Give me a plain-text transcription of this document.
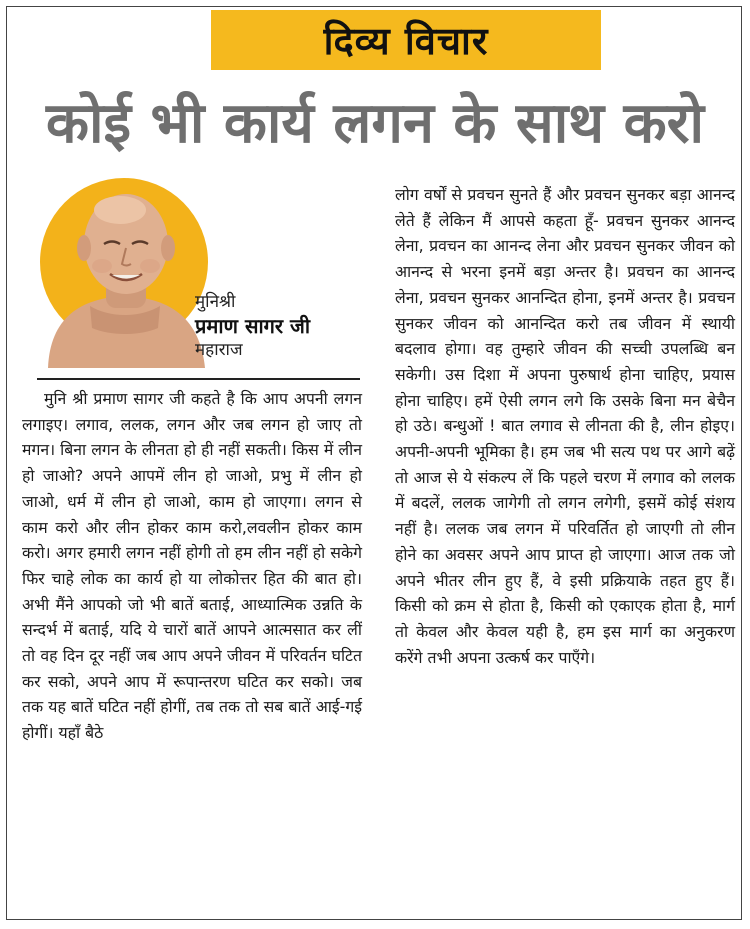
दिव्य विचार
कोई भी कार्य लगन के साथ करो
मुनिश्री
प्रमाण सागर जी
महाराज

मुनि श्री प्रमाण सागर जी कहते है कि आप अपनी लगन लगाइए। लगाव, ललक, लगन और जब लगन हो जाए तो मगन। बिना लगन के लीनता हो ही नहीं सकती। किस में लीन हो जाओ? अपने आपमें लीन हो जाओ, प्रभु में लीन हो जाओ, धर्म में लीन हो जाओ, काम हो जाएगा। लगन से काम करो और लीन होकर काम करो,लवलीन होकर काम करो। अगर हमारी लगन नहीं होगी तो हम लीन नहीं हो सकेगे फिर चाहे लोक का कार्य हो या लोकोत्तर हित की बात हो। अभी मैंने आपको जो भी बातें बताई, आध्यात्मिक उन्नति के सन्दर्भ में बताई, यदि ये चारों बातें आपने आत्मसात कर लीं तो वह दिन दूर नहीं जब आप अपने जीवन में परिवर्तन घटित कर सको, अपने आप में रूपान्तरण घटित कर सको। जब तक यह बातें घटित नहीं होगीं, तब तक तो सब बातें आई-गई होगीं। यहाँ बैठे

लोग वर्षों से प्रवचन सुनते हैं और प्रवचन सुनकर बड़ा आनन्द लेते हैं लेकिन मैं आपसे कहता हूँ- प्रवचन सुनकर आनन्द लेना, प्रवचन का आनन्द लेना और प्रवचन सुनकर जीवन को आनन्द से भरना इनमें बड़ा अन्तर है। प्रवचन का आनन्द लेना, प्रवचन सुनकर आनन्दित होना, इनमें अन्तर है। प्रवचन सुनकर जीवन को आनन्दित करो तब जीवन में स्थायी बदलाव होगा। वह तुम्हारे जीवन की सच्ची उपलब्धि बन सकेगी। उस दिशा में अपना पुरुषार्थ होना चाहिए, प्रयास होना चाहिए। हमें ऐसी लगन लगे कि उसके बिना मन बेचैन हो उठे। बन्धुओं ! बात लगाव से लीनता की है, लीन होइए। अपनी-अपनी भूमिका है। हम जब भी सत्य पथ पर आगे बढ़ें तो आज से ये संकल्प लें कि पहले चरण में लगाव को ललक में बदलें, ललक जागेगी तो लगन लगेगी, इसमें कोई संशय नहीं है। ललक जब लगन में परिवर्तित हो जाएगी तो लीन होने का अवसर अपने आप प्राप्त हो जाएगा। आज तक जो अपने भीतर लीन हुए हैं, वे इसी प्रक्रियाके तहत हुए हैं। किसी को क्रम से होता है, किसी को एकाएक होता है, मार्ग तो केवल और केवल यही है, हम इस मार्ग का अनुकरण करेंगे तभी अपना उत्कर्ष कर पाएँगे।
